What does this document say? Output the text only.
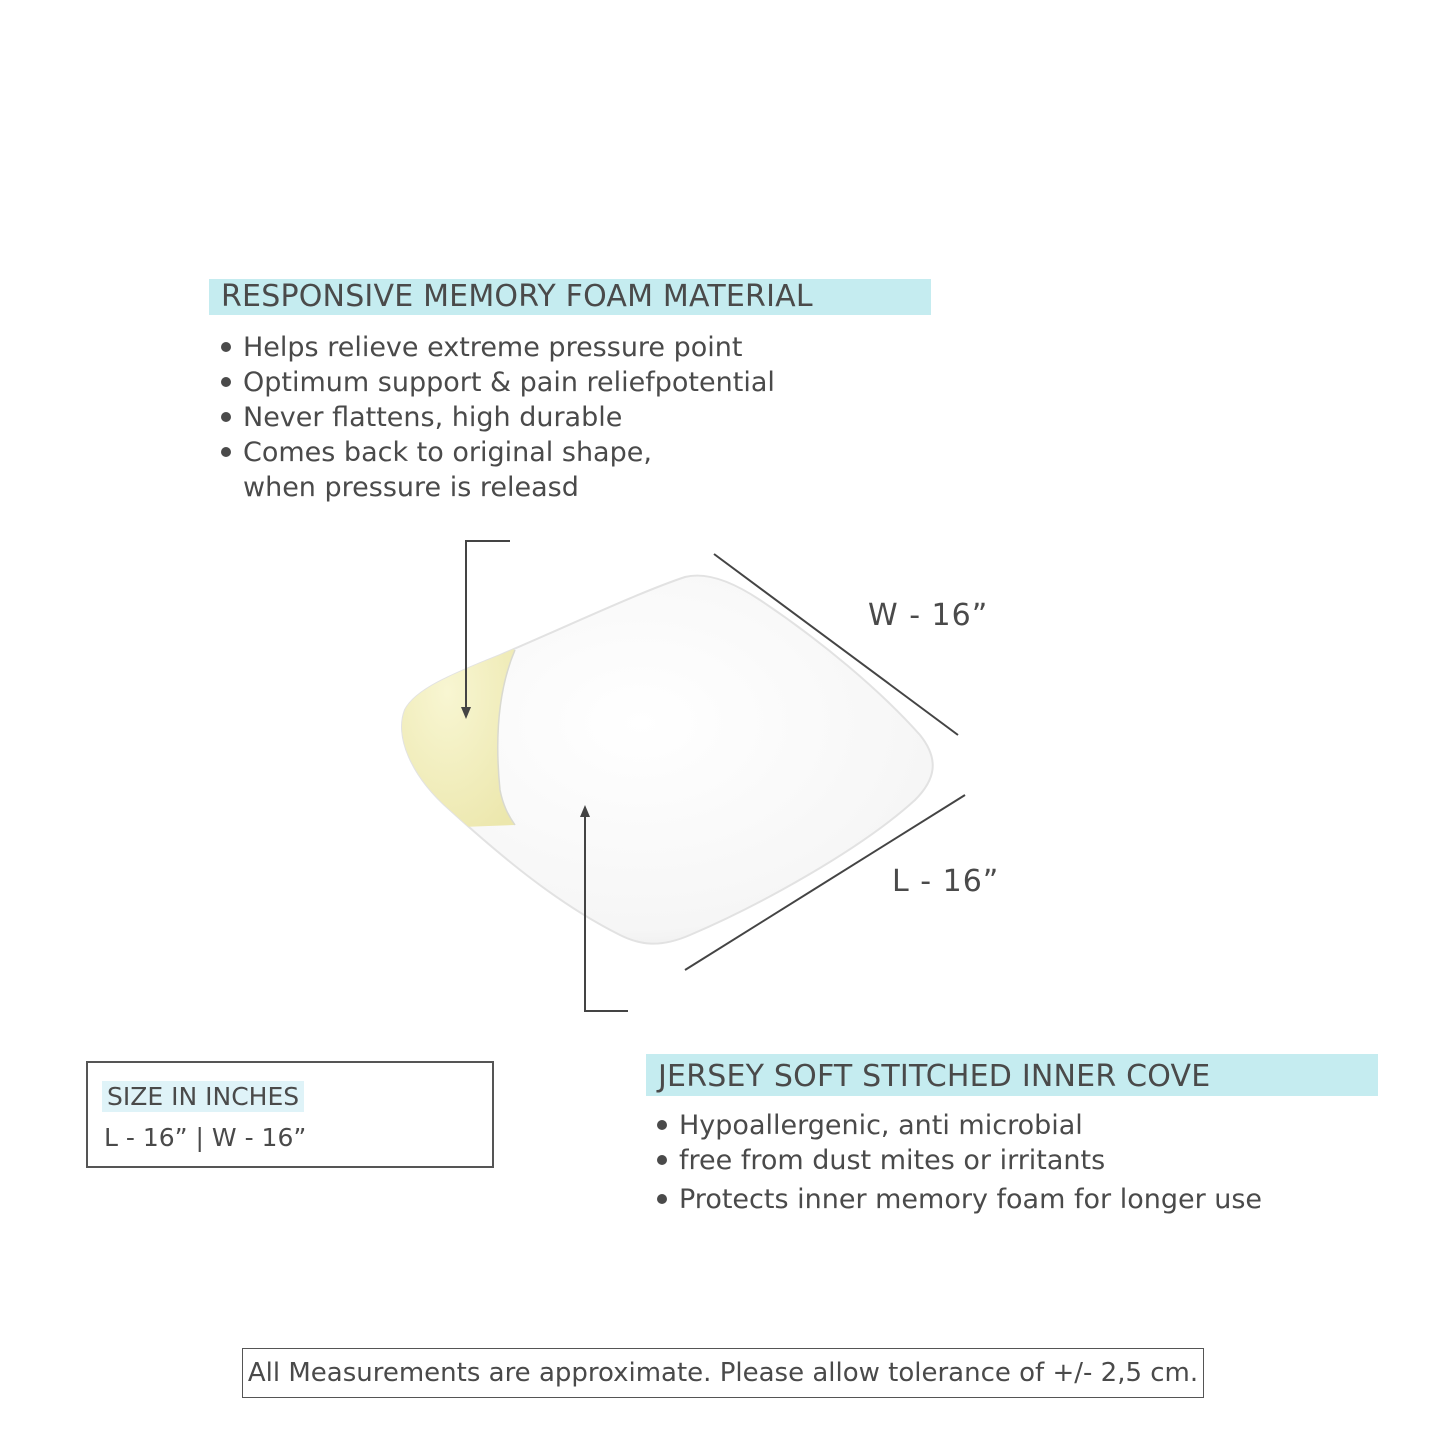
RESPONSIVE MEMORY FOAM MATERIAL
Helps relieve extreme pressure point
Optimum support & pain reliefpotential
Never flattens, high durable
Comes back to original shape, when pressure is releasd
W - 16”
L - 16”
SIZE IN INCHES
L - 16” | W - 16”
JERSEY SOFT STITCHED INNER COVE
Hypoallergenic, anti microbial
free from dust mites or irritants
Protects inner memory foam for longer use
All Measurements are approximate. Please allow tolerance of +/- 2,5 cm.
